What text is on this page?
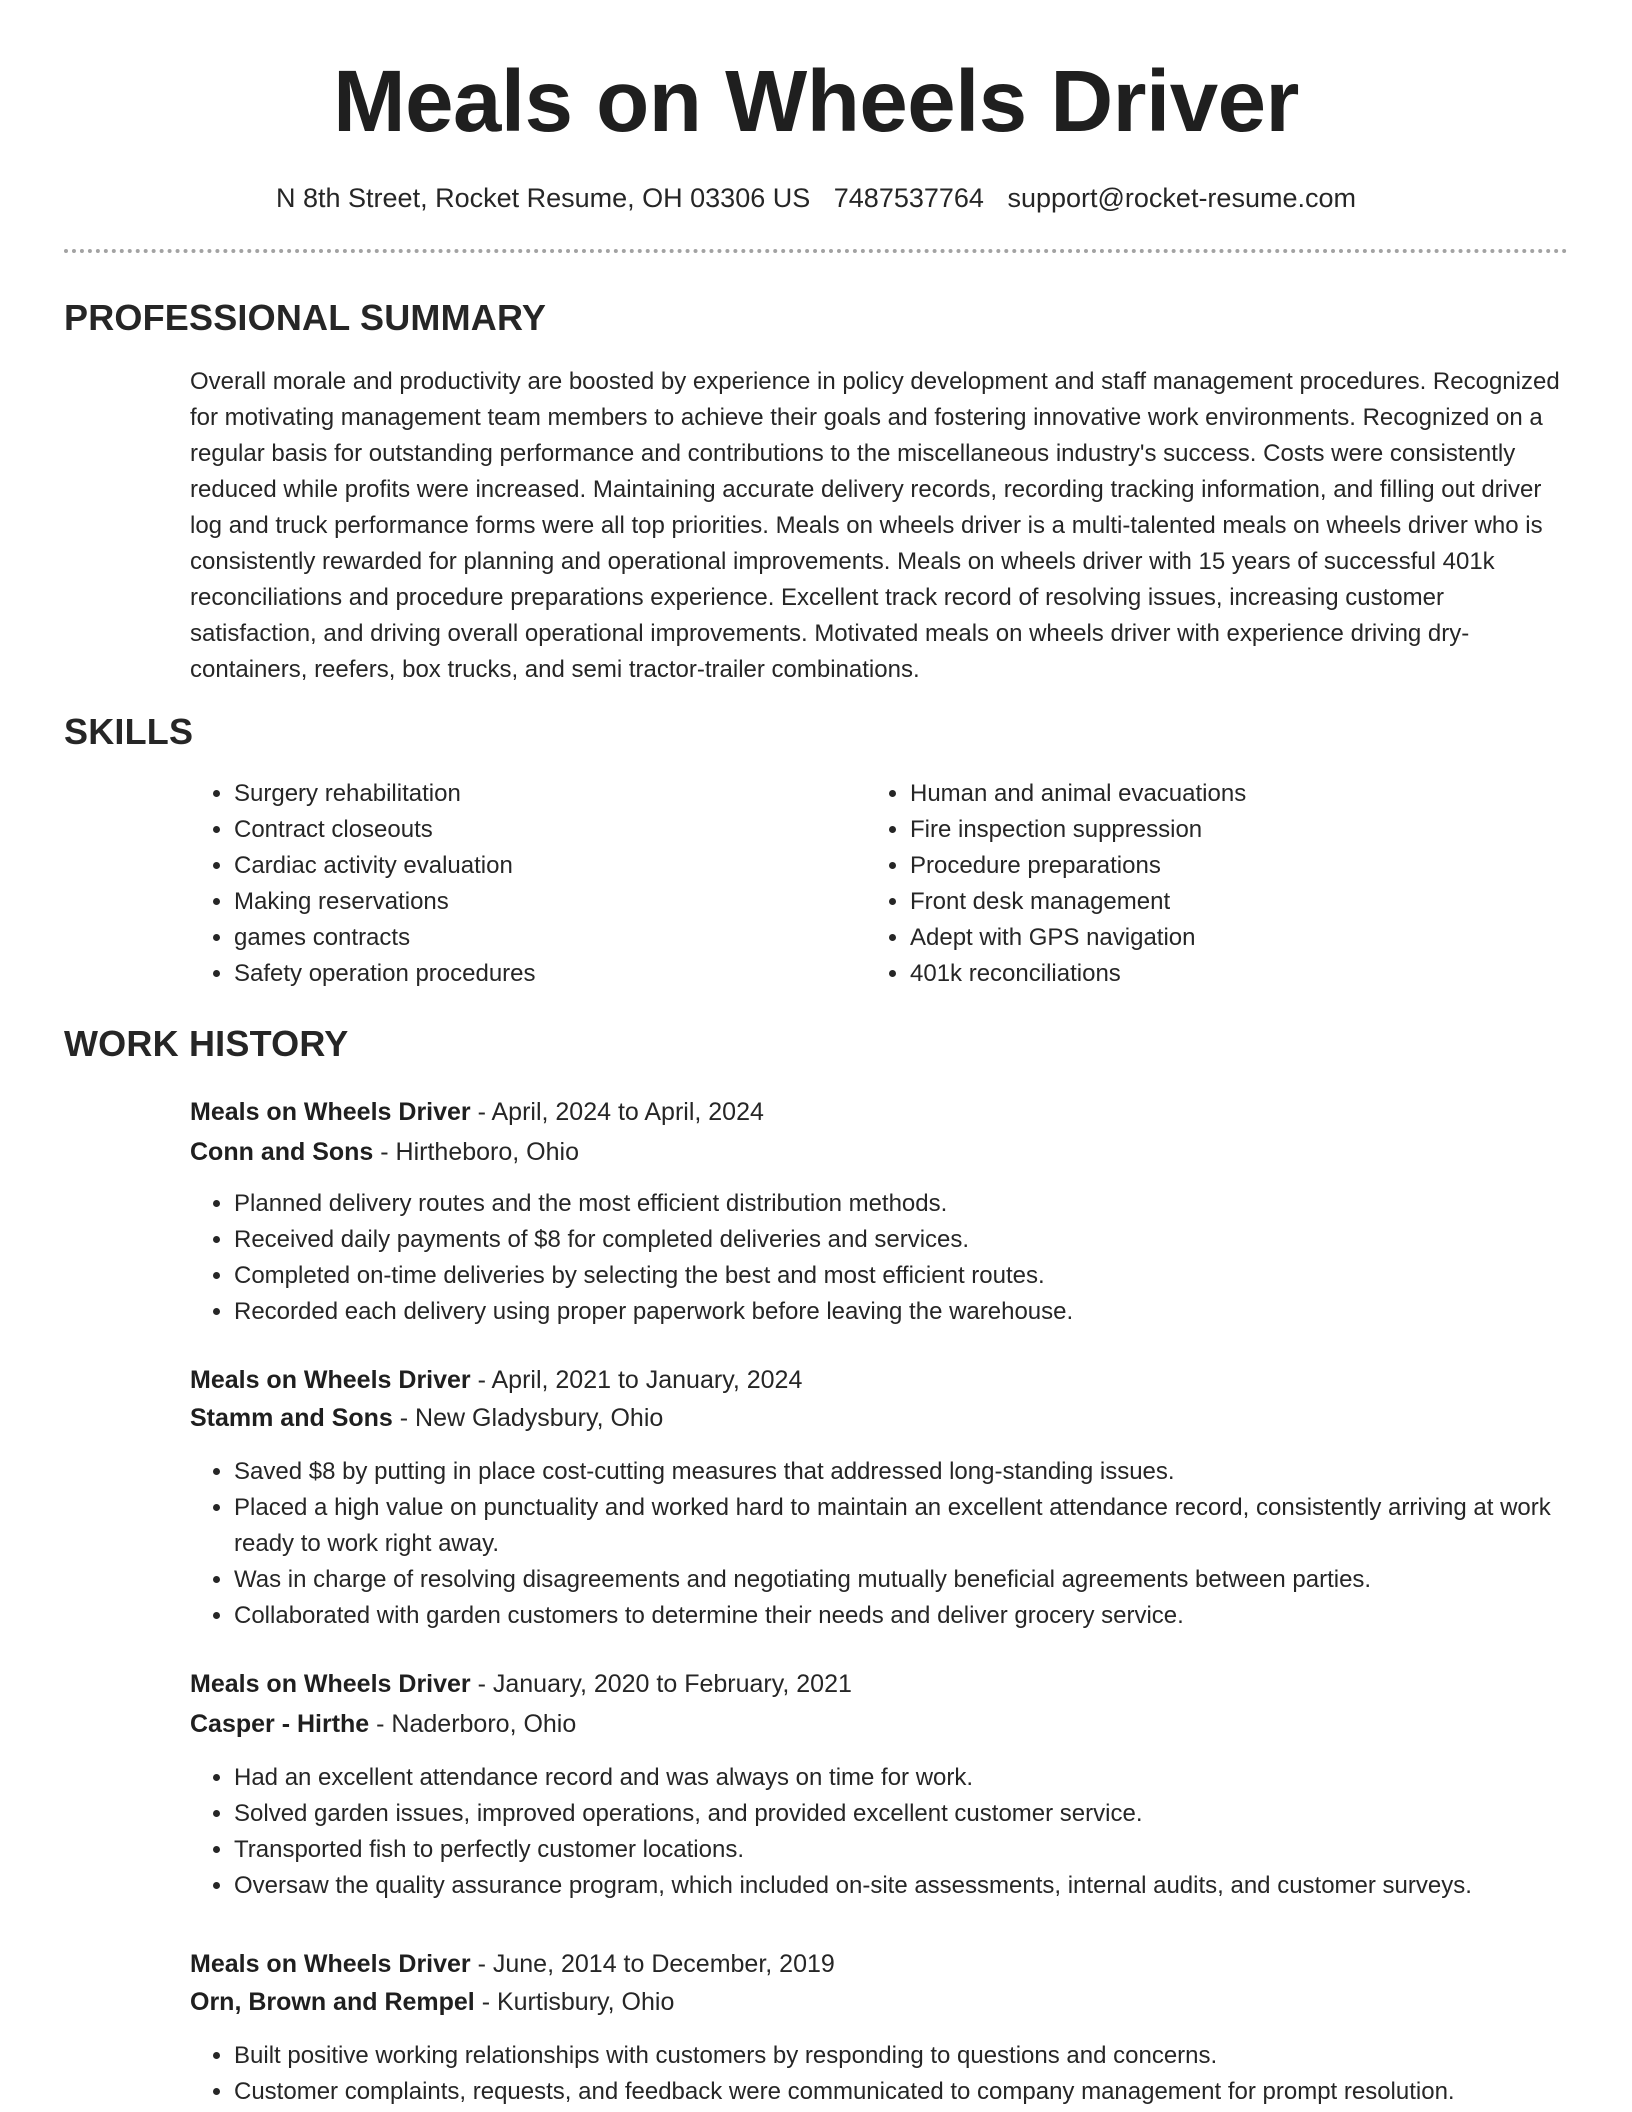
Meals on Wheels Driver
N 8th Street, Rocket Resume, OH 03306 US 7487537764 support@rocket-resume.com
PROFESSIONAL SUMMARY
Overall morale and productivity are boosted by experience in policy development and staff management procedures. Recognized for motivating management team members to achieve their goals and fostering innovative work environments. Recognized on a regular basis for outstanding performance and contributions to the miscellaneous industry's success. Costs were consistently reduced while profits were increased. Maintaining accurate delivery records, recording tracking information, and filling out driver log and truck performance forms were all top priorities. Meals on wheels driver is a multi-talented meals on wheels driver who is consistently rewarded for planning and operational improvements. Meals on wheels driver with 15 years of successful 401k reconciliations and procedure preparations experience. Excellent track record of resolving issues, increasing customer satisfaction, and driving overall operational improvements. Motivated meals on wheels driver with experience driving dry-containers, reefers, box trucks, and semi tractor-trailer combinations.
SKILLS
• Surgery rehabilitation
• Contract closeouts
• Cardiac activity evaluation
• Making reservations
• games contracts
• Safety operation procedures
• Human and animal evacuations
• Fire inspection suppression
• Procedure preparations
• Front desk management
• Adept with GPS navigation
• 401k reconciliations
WORK HISTORY
Meals on Wheels Driver - April, 2024 to April, 2024
Conn and Sons - Hirtheboro, Ohio
• Planned delivery routes and the most efficient distribution methods.
• Received daily payments of $8 for completed deliveries and services.
• Completed on-time deliveries by selecting the best and most efficient routes.
• Recorded each delivery using proper paperwork before leaving the warehouse.
Meals on Wheels Driver - April, 2021 to January, 2024
Stamm and Sons - New Gladysbury, Ohio
• Saved $8 by putting in place cost-cutting measures that addressed long-standing issues.
• Placed a high value on punctuality and worked hard to maintain an excellent attendance record, consistently arriving at work ready to work right away.
• Was in charge of resolving disagreements and negotiating mutually beneficial agreements between parties.
• Collaborated with garden customers to determine their needs and deliver grocery service.
Meals on Wheels Driver - January, 2020 to February, 2021
Casper - Hirthe - Naderboro, Ohio
• Had an excellent attendance record and was always on time for work.
• Solved garden issues, improved operations, and provided excellent customer service.
• Transported fish to perfectly customer locations.
• Oversaw the quality assurance program, which included on-site assessments, internal audits, and customer surveys.
Meals on Wheels Driver - June, 2014 to December, 2019
Orn, Brown and Rempel - Kurtisbury, Ohio
• Built positive working relationships with customers by responding to questions and concerns.
• Customer complaints, requests, and feedback were communicated to company management for prompt resolution.
